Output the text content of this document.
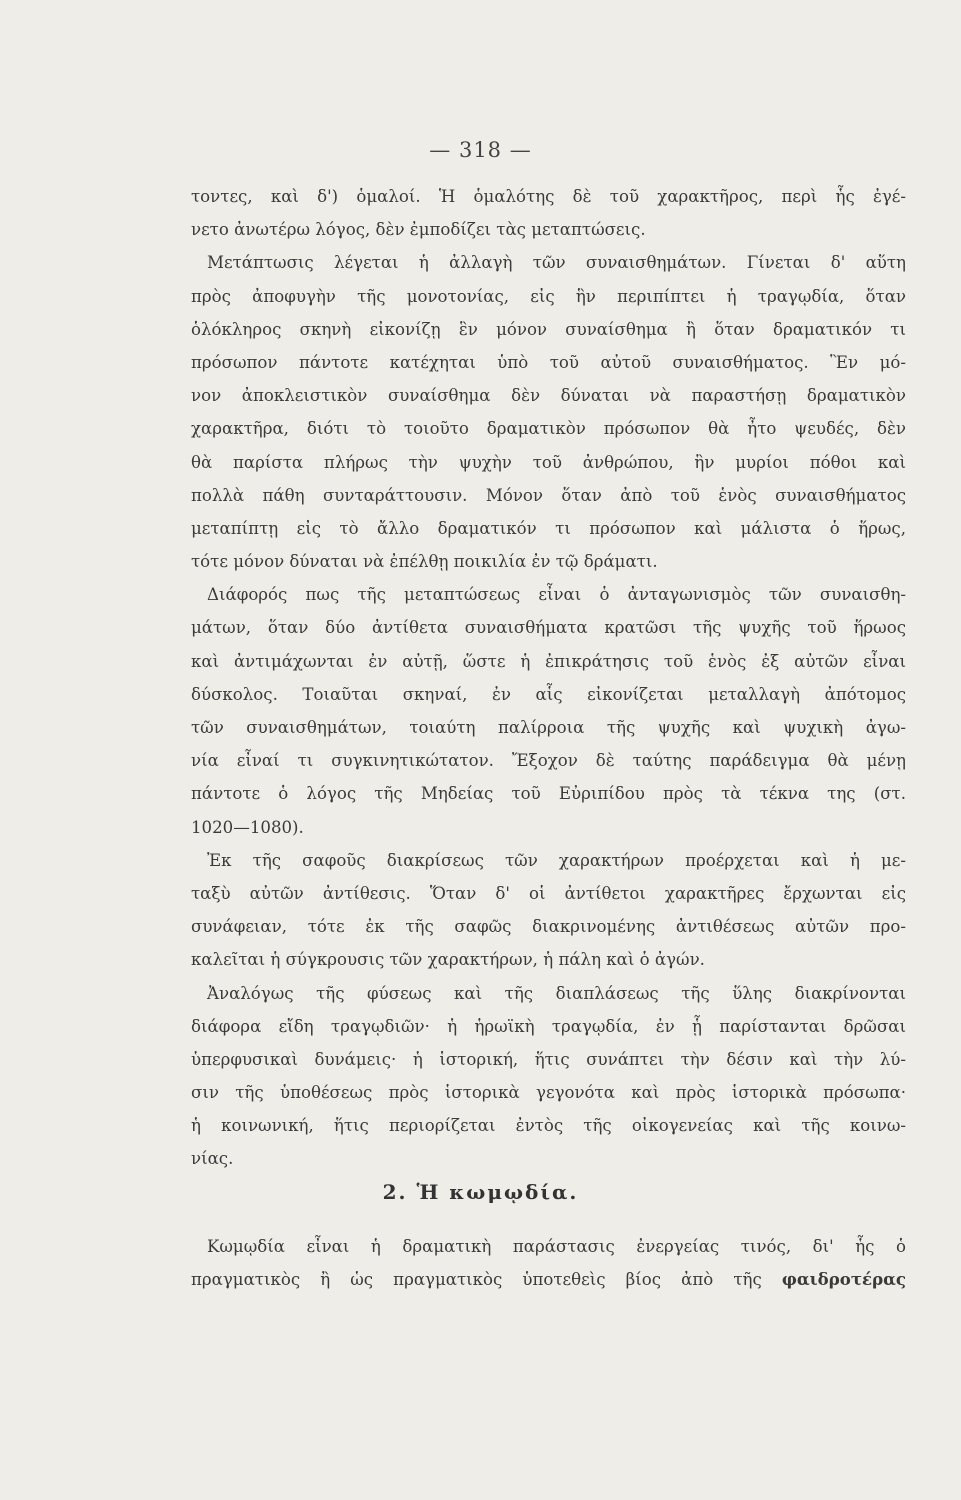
— 318 —
τοντες, καὶ δ') ὁμαλοί. Ἡ ὁμαλότης δὲ τοῦ χαρακτῆρος, περὶ ἧς ἐγέ-
νετο ἀνωτέρω λόγος, δὲν ἐμποδίζει τὰς μεταπτώσεις.
Μετάπτωσις λέγεται ἡ ἀλλαγὴ τῶν συναισθημάτων. Γίνεται δ' αὕτη
πρὸς ἀποφυγὴν τῆς μονοτονίας, εἰς ἣν περιπίπτει ἡ τραγῳδία, ὅταν
ὁλόκληρος σκηνὴ εἰκονίζῃ ἓν μόνον συναίσθημα ἢ ὅταν δραματικόν τι
πρόσωπον πάντοτε κατέχηται ὑπὸ τοῦ αὐτοῦ συναισθήματος. Ἓν μό-
νον ἀποκλειστικὸν συναίσθημα δὲν δύναται νὰ παραστήσῃ δραματικὸν
χαρακτῆρα, διότι τὸ τοιοῦτο δραματικὸν πρόσωπον θὰ ἦτο ψευδές, δὲν
θὰ παρίστα πλήρως τὴν ψυχὴν τοῦ ἀνθρώπου, ἣν μυρίοι πόθοι καὶ
πολλὰ πάθη συνταράττουσιν. Μόνον ὅταν ἀπὸ τοῦ ἑνὸς συναισθήματος
μεταπίπτῃ εἰς τὸ ἄλλο δραματικόν τι πρόσωπον καὶ μάλιστα ὁ ἥρως,
τότε μόνον δύναται νὰ ἐπέλθῃ ποικιλία ἐν τῷ δράματι.
Διάφορός πως τῆς μεταπτώσεως εἶναι ὁ ἀνταγωνισμὸς τῶν συναισθη-
μάτων, ὅταν δύο ἀντίθετα συναισθήματα κρατῶσι τῆς ψυχῆς τοῦ ἥρωος
καὶ ἀντιμάχωνται ἐν αὐτῇ, ὥστε ἡ ἐπικράτησις τοῦ ἑνὸς ἐξ αὐτῶν εἶναι
δύσκολος. Τοιαῦται σκηναί, ἐν αἷς εἰκονίζεται μεταλλαγὴ ἀπότομος
τῶν συναισθημάτων, τοιαύτη παλίρροια τῆς ψυχῆς καὶ ψυχικὴ ἀγω-
νία εἶναί τι συγκινητικώτατον. Ἔξοχον δὲ ταύτης παράδειγμα θὰ μένῃ
πάντοτε ὁ λόγος τῆς Μηδείας τοῦ Εὐριπίδου πρὸς τὰ τέκνα της (στ.
1020—1080).
Ἐκ τῆς σαφοῦς διακρίσεως τῶν χαρακτήρων προέρχεται καὶ ἡ με-
ταξὺ αὐτῶν ἀντίθεσις. Ὅταν δ' οἱ ἀντίθετοι χαρακτῆρες ἔρχωνται εἰς
συνάφειαν, τότε ἐκ τῆς σαφῶς διακρινομένης ἀντιθέσεως αὐτῶν προ-
καλεῖται ἡ σύγκρουσις τῶν χαρακτήρων, ἡ πάλη καὶ ὁ ἀγών.
Ἀναλόγως τῆς φύσεως καὶ τῆς διαπλάσεως τῆς ὕλης διακρίνονται
διάφορα εἴδη τραγῳδιῶν· ἡ ἡρωϊκὴ τραγῳδία, ἐν ᾗ παρίστανται δρῶσαι
ὑπερφυσικαὶ δυνάμεις· ἡ ἱστορική, ἥτις συνάπτει τὴν δέσιν καὶ τὴν λύ-
σιν τῆς ὑποθέσεως πρὸς ἱστορικὰ γεγονότα καὶ πρὸς ἱστορικὰ πρόσωπα·
ἡ κοινωνική, ἥτις περιορίζεται ἐντὸς τῆς οἰκογενείας καὶ τῆς κοινω-
νίας.
2. Ἡ κωμῳδία.
Κωμῳδία εἶναι ἡ δραματικὴ παράστασις ἐνεργείας τινός, δι' ἧς ὁ
πραγματικὸς ἢ ὡς πραγματικὸς ὑποτεθεὶς βίος ἀπὸ τῆς φαιδροτέρας
